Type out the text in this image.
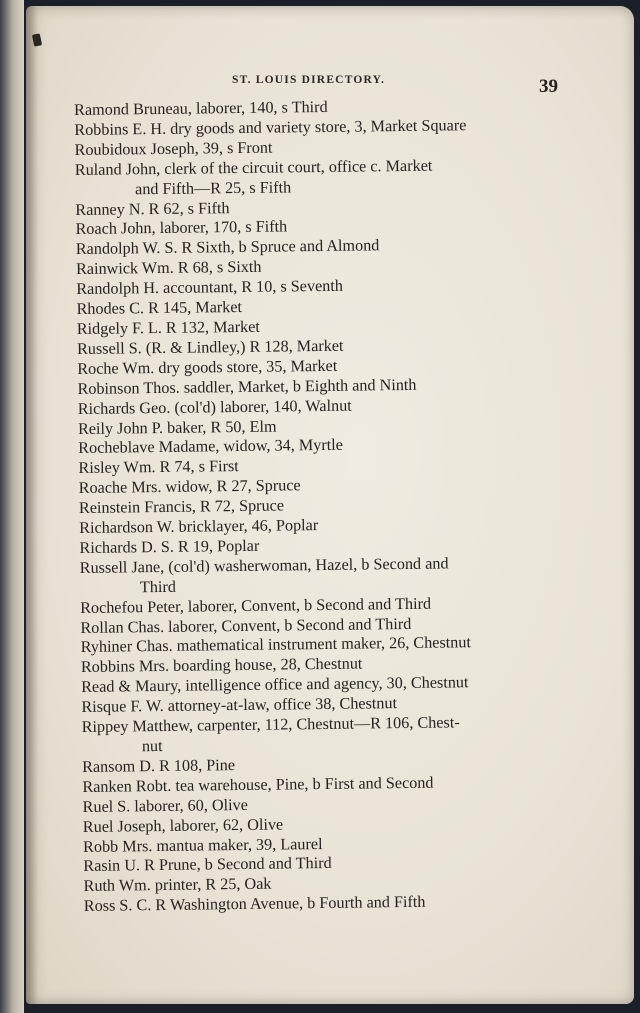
ST. LOUIS DIRECTORY.	39
Ramond Bruneau, laborer, 140, s Third
Robbins E. H. dry goods and variety store, 3, Market Square
Roubidoux Joseph, 39, s Front
Ruland John, clerk of the circuit court, office c. Market
and Fifth—R 25, s Fifth
Ranney N. R 62, s Fifth
Roach John, laborer, 170, s Fifth
Randolph W. S. R Sixth, b Spruce and Almond
Rainwick Wm. R 68, s Sixth
Randolph H. accountant, R 10, s Seventh
Rhodes C. R 145, Market
Ridgely F. L. R 132, Market
Russell S. (R. & Lindley,) R 128, Market
Roche Wm. dry goods store, 35, Market
Robinson Thos. saddler, Market, b Eighth and Ninth
Richards Geo. (col'd) laborer, 140, Walnut
Reily John P. baker, R 50, Elm
Rocheblave Madame, widow, 34, Myrtle
Risley Wm. R 74, s First
Roache Mrs. widow, R 27, Spruce
Reinstein Francis, R 72, Spruce
Richardson W. bricklayer, 46, Poplar
Richards D. S. R 19, Poplar
Russell Jane, (col'd) washerwoman, Hazel, b Second and
Third
Rochefou Peter, laborer, Convent, b Second and Third
Rollan Chas. laborer, Convent, b Second and Third
Ryhiner Chas. mathematical instrument maker, 26, Chestnut
Robbins Mrs. boarding house, 28, Chestnut
Read & Maury, intelligence office and agency, 30, Chestnut
Risque F. W. attorney-at-law, office 38, Chestnut
Rippey Matthew, carpenter, 112, Chestnut—R 106, Chest-
nut
Ransom D. R 108, Pine
Ranken Robt. tea warehouse, Pine, b First and Second
Ruel S. laborer, 60, Olive
Ruel Joseph, laborer, 62, Olive
Robb Mrs. mantua maker, 39, Laurel
Rasin U. R Prune, b Second and Third
Ruth Wm. printer, R 25, Oak
Ross S. C. R Washington Avenue, b Fourth and Fifth
